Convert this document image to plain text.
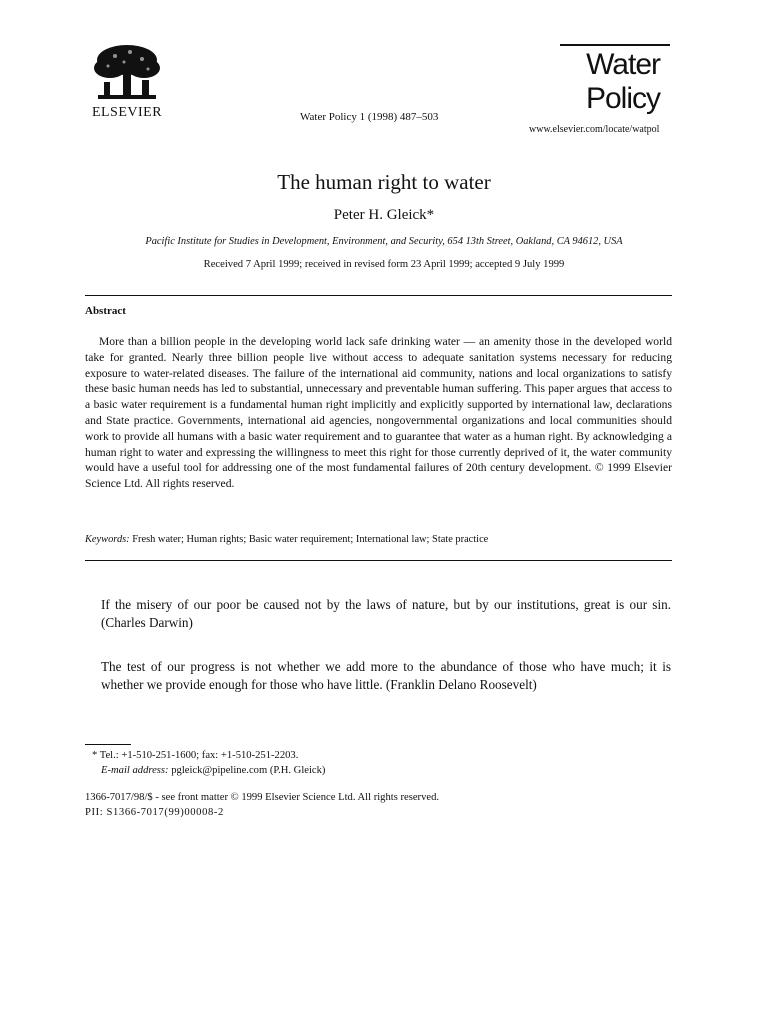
ELSEVIER	Water Policy 1 (1998) 487–503
Water
Policy
www.elsevier.com/locate/watpol
The human right to water
Peter H. Gleick*
Pacific Institute for Studies in Development, Environment, and Security, 654 13th Street, Oakland, CA 94612, USA
Received 7 April 1999; received in revised form 23 April 1999; accepted 9 July 1999
Abstract
More than a billion people in the developing world lack safe drinking water — an amenity those in the developed world take for granted. Nearly three billion people live without access to adequate sanitation systems necessary for reducing exposure to water-related diseases. The failure of the international aid community, nations and local organizations to satisfy these basic human needs has led to substantial, unnecessary and preventable human suffering. This paper argues that access to a basic water requirement is a fundamental human right implicitly and explicitly supported by international law, declarations and State practice. Governments, international aid agencies, nongovernmental organizations and local communities should work to provide all humans with a basic water requirement and to guarantee that water as a human right. By acknowledging a human right to water and expressing the willingness to meet this right for those currently deprived of it, the water community would have a useful tool for addressing one of the most fundamental failures of 20th century development. © 1999 Elsevier Science Ltd. All rights reserved.
Keywords: Fresh water; Human rights; Basic water requirement; International law; State practice
If the misery of our poor be caused not by the laws of nature, but by our institutions, great is our sin. (Charles Darwin)
The test of our progress is not whether we add more to the abundance of those who have much; it is whether we provide enough for those who have little. (Franklin Delano Roosevelt)
* Tel.: +1-510-251-1600; fax: +1-510-251-2203.
E-mail address: pgleick@pipeline.com (P.H. Gleick)
1366-7017/98/$ - see front matter © 1999 Elsevier Science Ltd. All rights reserved.
PII: S1366-7017(99)00008-2
